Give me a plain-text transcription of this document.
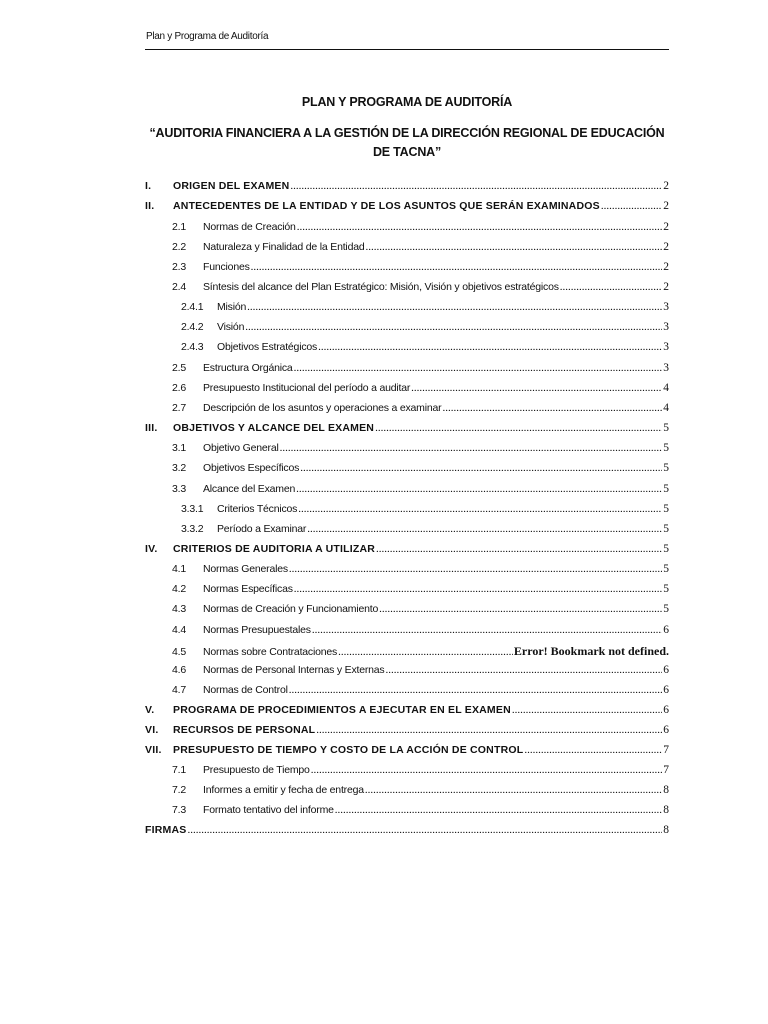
Plan y Programa de Auditoría
PLAN Y PROGRAMA DE AUDITORÍA
“AUDITORIA FINANCIERA A LA GESTIÓN DE LA DIRECCIÓN REGIONAL DE EDUCACIÓN DE TACNA”
I.	ORIGEN DEL EXAMEN .....	2
II.	ANTECEDENTES DE LA ENTIDAD Y DE LOS ASUNTOS QUE SERÁN EXAMINADOS .....	2
2.1	Normas de Creación .....	2
2.2	Naturaleza y Finalidad de la Entidad .....	2
2.3	Funciones .....	2
2.4	Síntesis del alcance del Plan Estratégico: Misión, Visión y objetivos estratégicos .....	2
2.4.1	Misión .....	3
2.4.2	Visión .....	3
2.4.3	Objetivos Estratégicos .....	3
2.5	Estructura Orgánica .....	3
2.6	Presupuesto Institucional del período a auditar .....	4
2.7	Descripción de los asuntos y operaciones a examinar .....	4
III.	OBJETIVOS Y ALCANCE DEL EXAMEN .....	5
3.1	Objetivo General .....	5
3.2	Objetivos Específicos .....	5
3.3	Alcance del Examen .....	5
3.3.1	Criterios Técnicos .....	5
3.3.2	Período a Examinar .....	5
IV.	CRITERIOS DE AUDITORIA A UTILIZAR .....	5
4.1	Normas Generales .....	5
4.2	Normas Específicas .....	5
4.3	Normas de Creación y Funcionamiento .....	5
4.4	Normas Presupuestales .....	6
4.5	Normas sobre Contrataciones .....	Error! Bookmark not defined.
4.6	Normas de Personal Internas y Externas .....	6
4.7	Normas de Control .....	6
V.	PROGRAMA DE PROCEDIMIENTOS A EJECUTAR EN EL EXAMEN .....	6
VI.	RECURSOS DE PERSONAL .....	6
VII.	PRESUPUESTO DE TIEMPO Y COSTO DE LA ACCIÓN DE CONTROL .....	7
7.1	Presupuesto de Tiempo .....	7
7.2	Informes a emitir y fecha de entrega .....	8
7.3	Formato tentativo del informe .....	8
FIRMAS .....	8
